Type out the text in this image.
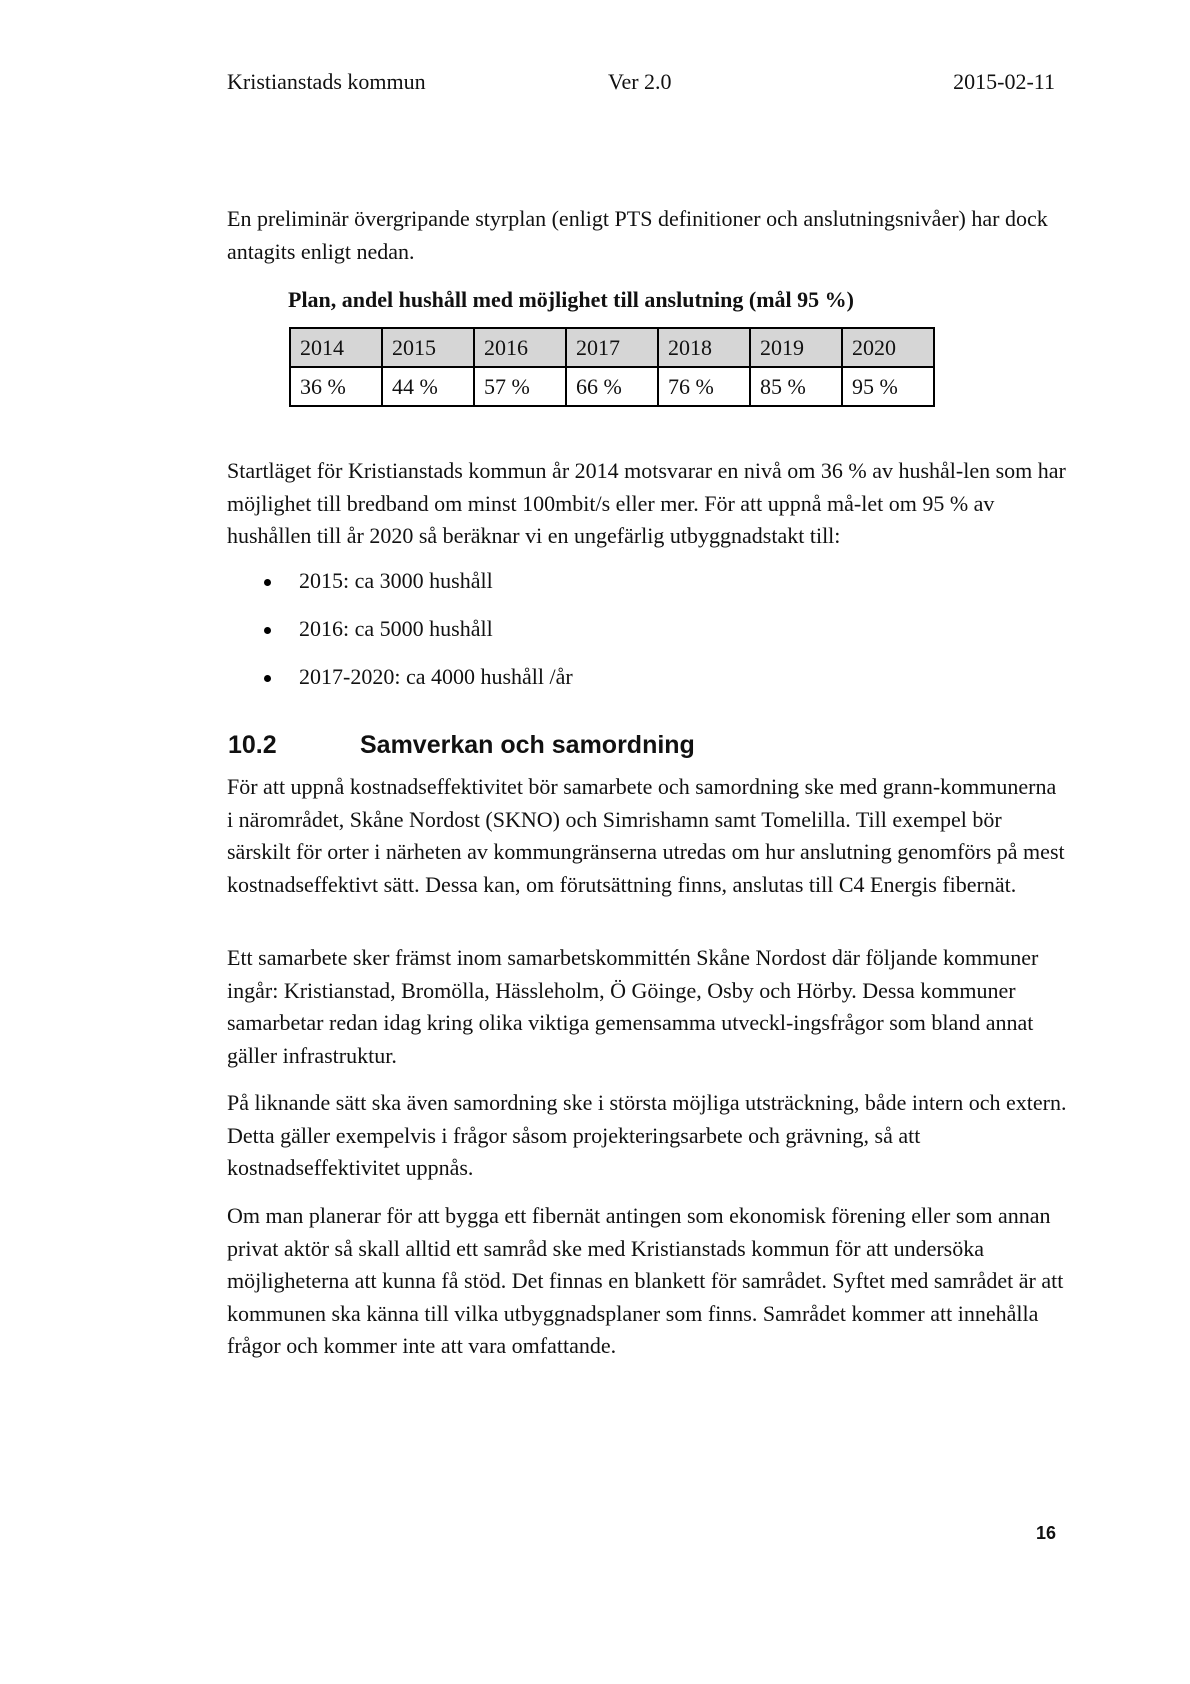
Kristianstads kommun	Ver 2.0	2015-02-11

En preliminär övergripande styrplan (enligt PTS definitioner och anslutningsnivåer) har dock antagits enligt nedan.

Plan, andel hushåll med möjlighet till anslutning (mål 95 %)
2014	2015	2016	2017	2018	2019	2020
36 %	44 %	57 %	66 %	76 %	85 %	95 %

Startläget för Kristianstads kommun år 2014 motsvarar en nivå om 36 % av hushål-len som har möjlighet till bredband om minst 100mbit/s eller mer. För att uppnå må-let om 95 % av hushållen till år 2020 så beräknar vi en ungefärlig utbyggnadstakt till:

2015: ca 3000 hushåll
2016: ca 5000 hushåll
2017-2020: ca 4000 hushåll /år
10.2	Samverkan och samordning

För att uppnå kostnadseffektivitet bör samarbete och samordning ske med grann-kommunerna i närområdet, Skåne Nordost (SKNO) och Simrishamn samt Tomelilla. Till exempel bör särskilt för orter i närheten av kommungränserna utredas om hur anslutning genomförs på mest kostnadseffektivt sätt. Dessa kan, om förutsättning finns, anslutas till C4 Energis fibernät.

Ett samarbete sker främst inom samarbetskommittén Skåne Nordost där följande kommuner ingår: Kristianstad, Bromölla, Hässleholm, Ö Göinge, Osby och Hörby. Dessa kommuner samarbetar redan idag kring olika viktiga gemensamma utveckl-ingsfrågor som bland annat gäller infrastruktur.

På liknande sätt ska även samordning ske i största möjliga utsträckning, både intern och extern. Detta gäller exempelvis i frågor såsom projekteringsarbete och grävning, så att kostnadseffektivitet uppnås.

Om man planerar för att bygga ett fibernät antingen som ekonomisk förening eller som annan privat aktör så skall alltid ett samråd ske med Kristianstads kommun för att undersöka möjligheterna att kunna få stöd. Det finnas en blankett för samrådet. Syftet med samrådet är att kommunen ska känna till vilka utbyggnadsplaner som finns. Samrådet kommer att innehålla frågor och kommer inte att vara omfattande.

16
